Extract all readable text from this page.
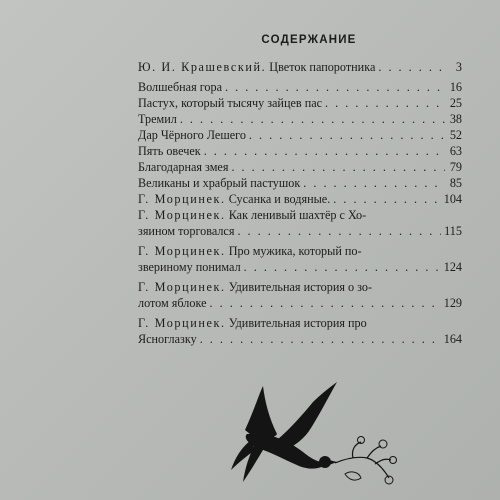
СОДЕРЖАНИЕ
Ю. И. Крашевский. Цветок папоротника . . .	3
Волшебная гора . . .	16
Пастух, который тысячу зайцев пас . . .	25
Тремил . . .	38
Дар Чёрного Лешего . . .	52
Пять овечек . . .	63
Благодарная змея . . .	79
Великаны и храбрый пастушок . . .	85
Г. Морцинек. Сусанка и водяные. . . .	104
Г. Морцинек. Как ленивый шахтёр с Хо-
зяином торговался . . .	115
Г. Морцинек. Про мужика, который по-
звериному понимал . . .	124
Г. Морцинек. Удивительная история о зо-
лотом яблоке . . .	129
Г. Морцинек. Удивительная история про
Ясноглазку . . .	164
